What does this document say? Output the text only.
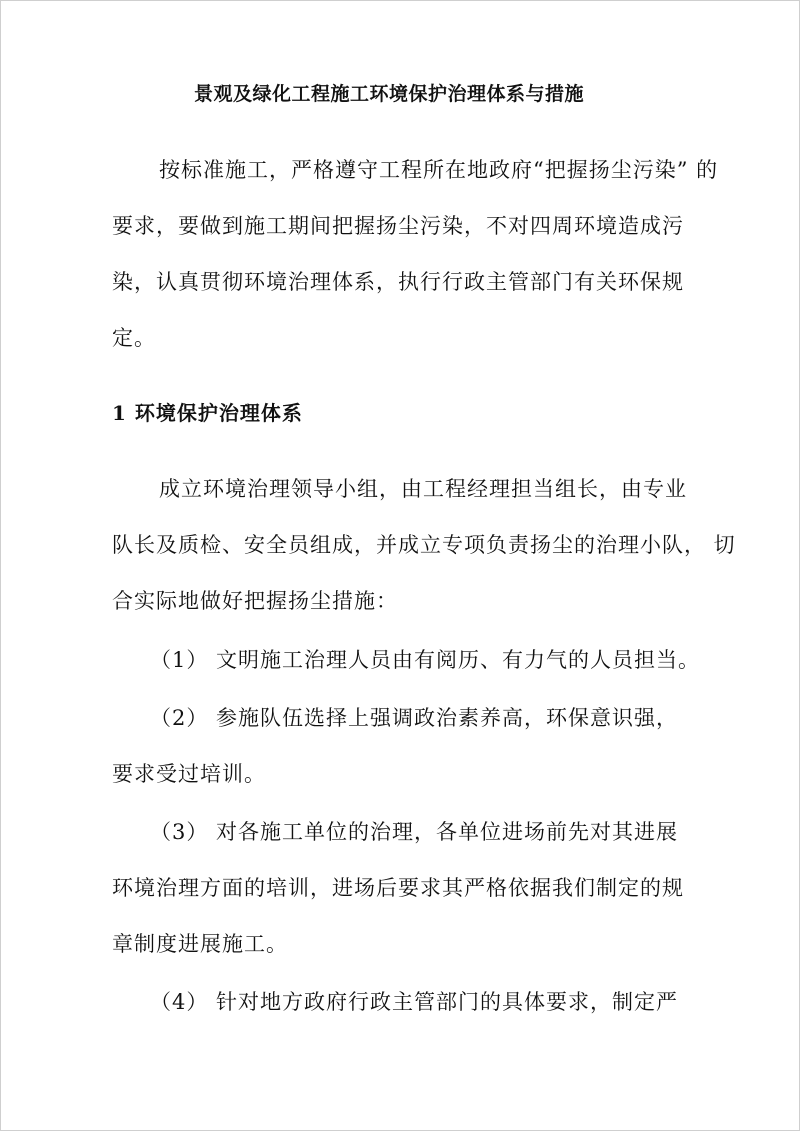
景观及绿化工程施工环境保护治理体系与措施
按标准施工，严格遵守工程所在地政府“把握扬尘污染” 的
要求，要做到施工期间把握扬尘污染，不对四周环境造成污
染，认真贯彻环境治理体系，执行行政主管部门有关环保规
定。
1 环境保护治理体系
成立环境治理领导小组，由工程经理担当组长，由专业
队长及质检、安全员组成，并成立专项负责扬尘的治理小队， 切
合实际地做好把握扬尘措施：
（1） 文明施工治理人员由有阅历、有力气的人员担当。
（2） 参施队伍选择上强调政治素养高，环保意识强，
要求受过培训。
（3） 对各施工单位的治理，各单位进场前先对其进展
环境治理方面的培训，进场后要求其严格依据我们制定的规
章制度进展施工。
（4） 针对地方政府行政主管部门的具体要求，制定严
